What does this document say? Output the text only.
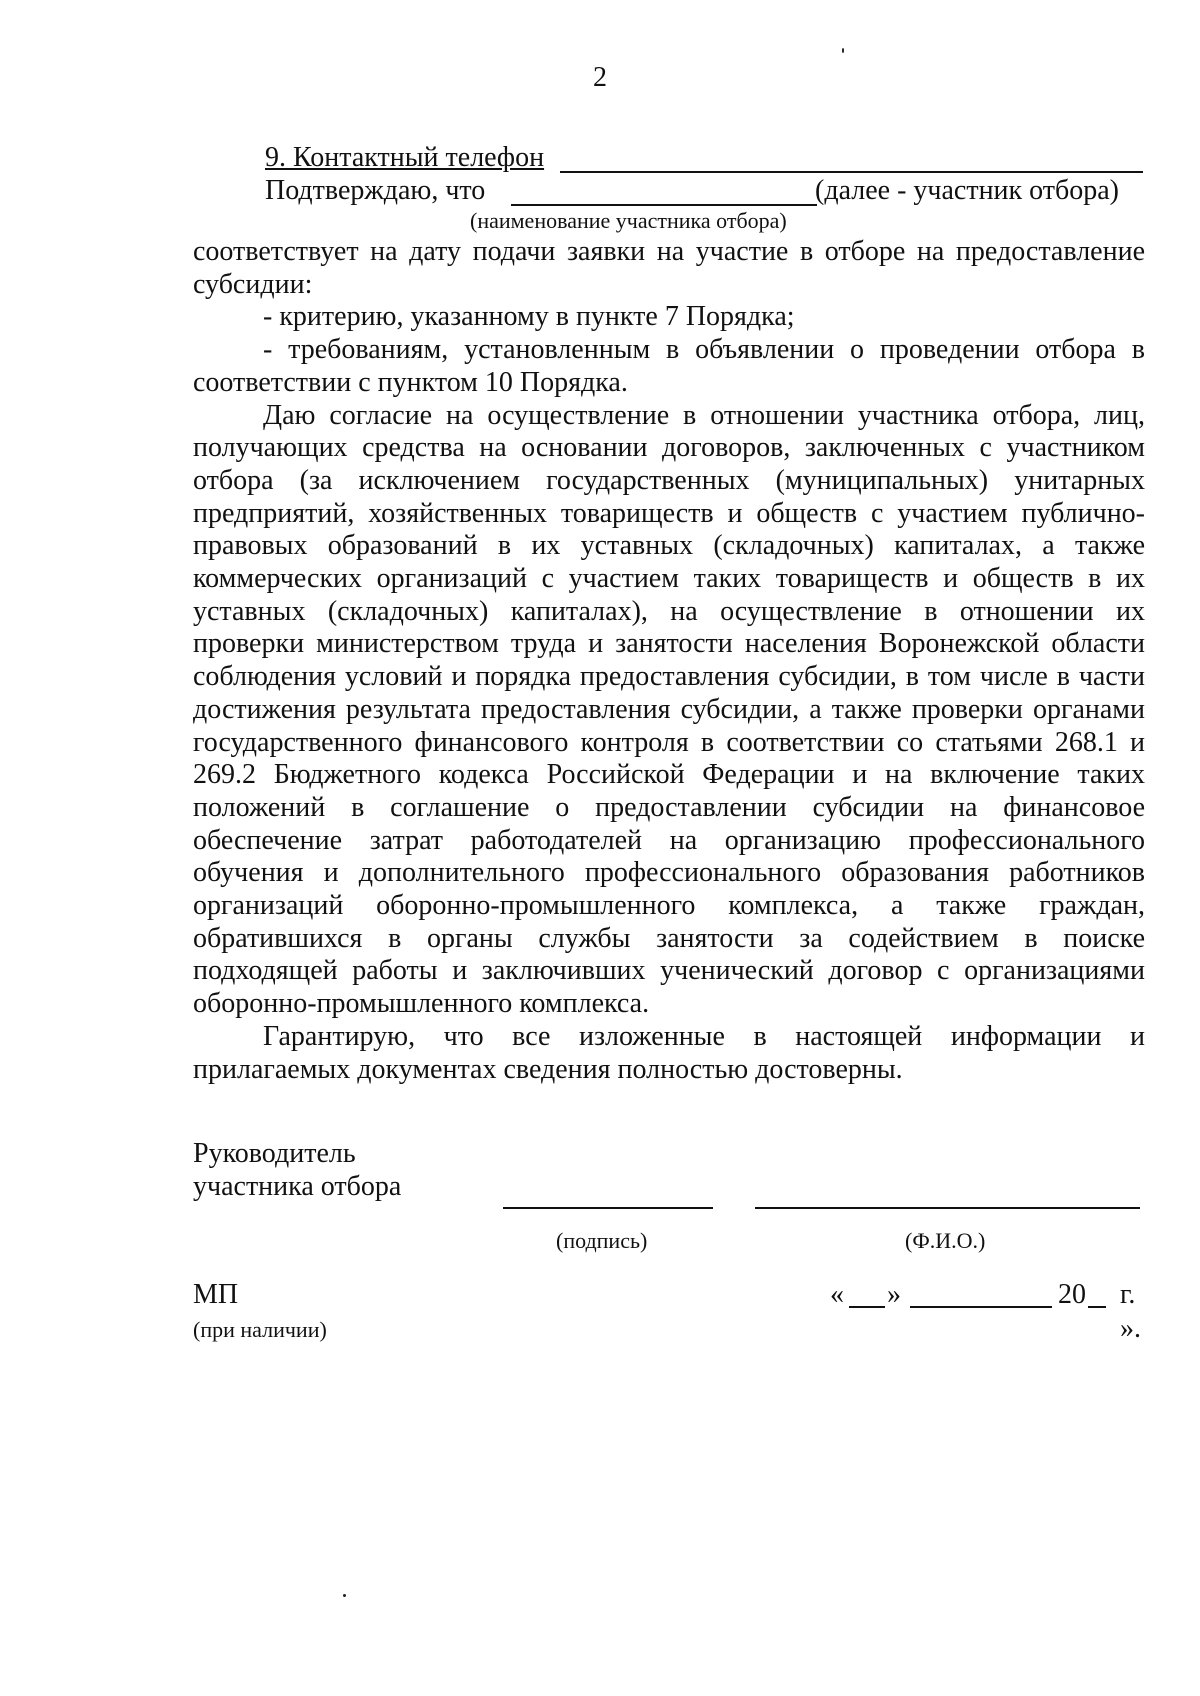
2
9. Контактный телефон
Подтверждаю, что	(далее - участник отбора)
(наименование участника отбора)

соответствует на дату подачи заявки на участие в отборе на предоставление субсидии:

- критерию, указанному в пункте 7 Порядка;

- требованиям, установленным в объявлении о проведении отбора в соответствии с пунктом 10 Порядка.

Даю согласие на осуществление в отношении участника отбора, лиц, получающих средства на основании договоров, заключенных с участником отбора (за исключением государственных (муниципальных) унитарных предприятий, хозяйственных товариществ и обществ с участием публично-правовых образований в их уставных (складочных) капиталах, а также коммерческих организаций с участием таких товариществ и обществ в их уставных (складочных) капиталах), на осуществление в отношении их проверки министерством труда и занятости населения Воронежской области соблюдения условий и порядка предоставления субсидии, в том числе в части достижения результата предоставления субсидии, а также проверки органами государственного финансового контроля в соответствии со статьями 268.1 и 269.2 Бюджетного кодекса Российской Федерации и на включение таких положений в соглашение о предоставлении субсидии на финансовое обеспечение затрат работодателей на организацию профессионального обучения и дополнительного профессионального образования работников организаций оборонно-промышленного комплекса, а также граждан, обратившихся в органы службы занятости за содействием в поиске подходящей работы и заключивших ученический договор с организациями оборонно-промышленного комплекса.

Гарантирую, что все изложенные в настоящей информации и прилагаемых документах сведения полностью достоверны.

Руководитель
участника отбора
(подпись)	(Ф.И.О.)
МП
(при наличии)
« »	20 г.
».
